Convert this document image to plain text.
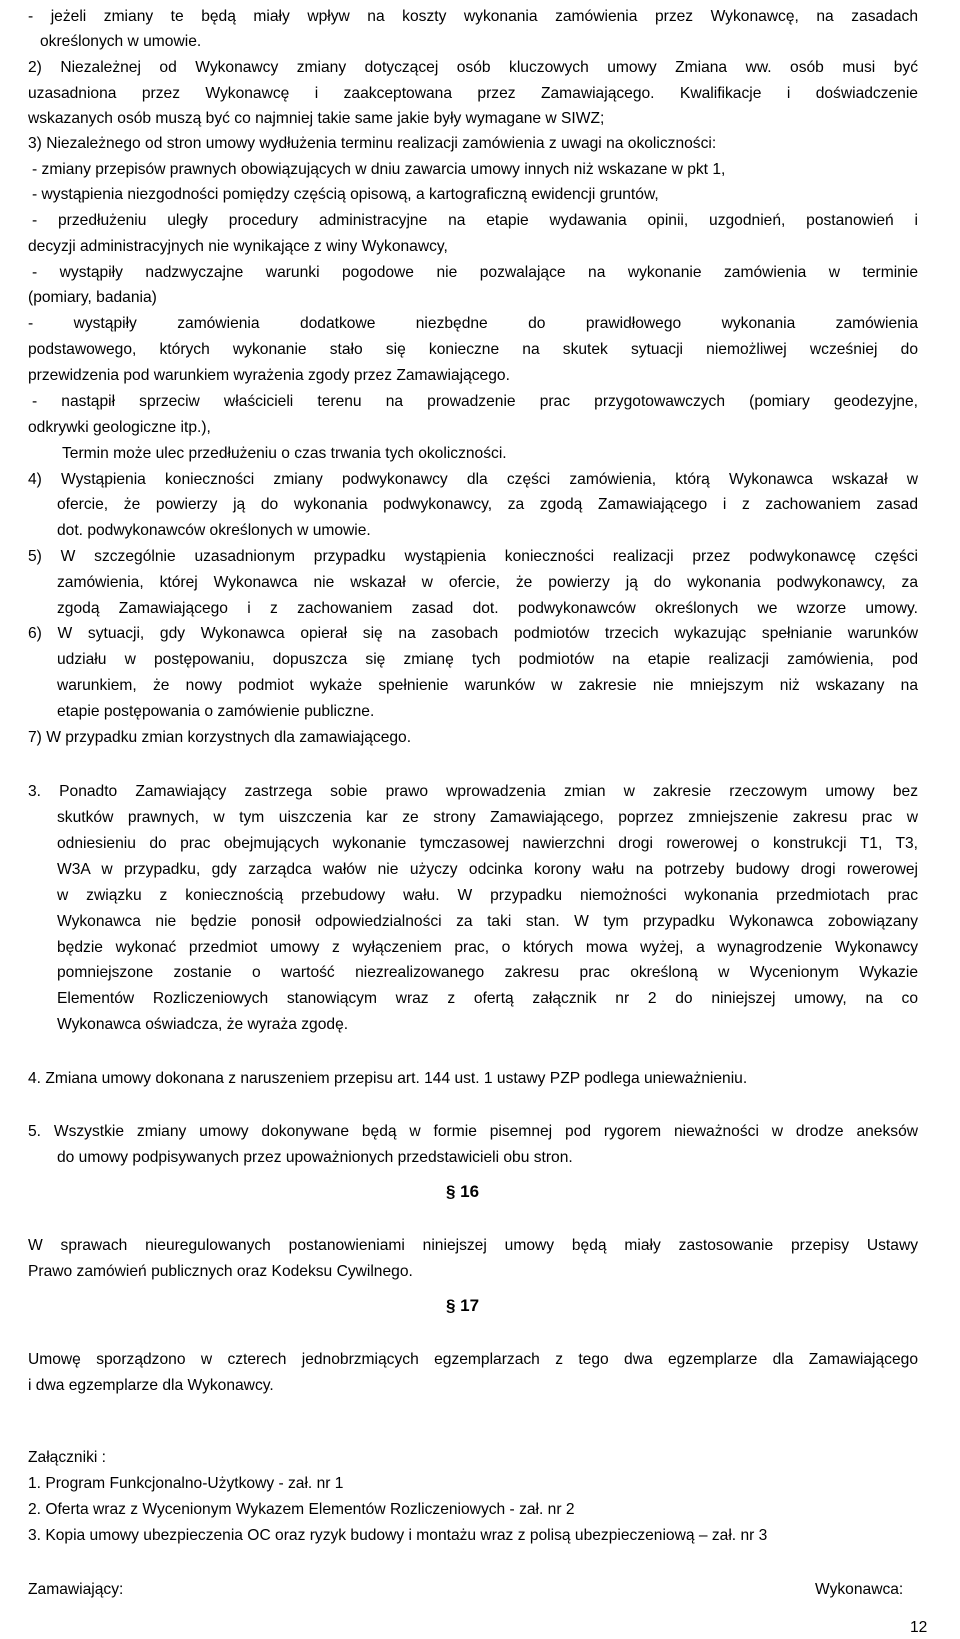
- jeżeli zmiany te będą miały wpływ na koszty wykonania zamówienia przez Wykonawcę, na zasadach
określonych w umowie.
2) Niezależnej od Wykonawcy zmiany dotyczącej osób kluczowych umowy Zmiana ww. osób musi być
uzasadniona przez Wykonawcę i zaakceptowana przez Zamawiającego. Kwalifikacje i doświadczenie
wskazanych osób muszą być co najmniej takie same jakie były wymagane w SIWZ;
3) Niezależnego od stron umowy wydłużenia terminu realizacji zamówienia z uwagi na okoliczności:
- zmiany przepisów prawnych obowiązujących w dniu zawarcia umowy innych niż wskazane w pkt 1,
- wystąpienia niezgodności pomiędzy częścią opisową, a kartograficzną ewidencji gruntów,
- przedłużeniu uległy procedury administracyjne na etapie wydawania opinii, uzgodnień, postanowień i
decyzji administracyjnych nie wynikające z winy Wykonawcy,
- wystąpiły nadzwyczajne warunki pogodowe nie pozwalające na wykonanie zamówienia w terminie
(pomiary, badania)
- wystąpiły zamówienia dodatkowe niezbędne do prawidłowego wykonania zamówienia
podstawowego, których wykonanie stało się konieczne na skutek sytuacji niemożliwej wcześniej do
przewidzenia pod warunkiem wyrażenia zgody przez Zamawiającego.
- nastąpił sprzeciw właścicieli terenu na prowadzenie prac przygotowawczych (pomiary geodezyjne,
odkrywki geologiczne itp.),
Termin może ulec przedłużeniu o czas trwania tych okoliczności.
4) Wystąpienia konieczności zmiany podwykonawcy dla części zamówienia, którą Wykonawca wskazał w
ofercie, że powierzy ją do wykonania podwykonawcy, za zgodą Zamawiającego i z zachowaniem zasad
dot. podwykonawców określonych w umowie.
5) W szczególnie uzasadnionym przypadku wystąpienia konieczności realizacji przez podwykonawcę części
zamówienia, której Wykonawca nie wskazał w ofercie, że powierzy ją do wykonania podwykonawcy, za
zgodą Zamawiającego i z zachowaniem zasad dot. podwykonawców określonych we wzorze umowy.
6) W sytuacji, gdy Wykonawca opierał się na zasobach podmiotów trzecich wykazując spełnianie warunków
udziału w postępowaniu, dopuszcza się zmianę tych podmiotów na etapie realizacji zamówienia, pod
warunkiem, że nowy podmiot wykaże spełnienie warunków w zakresie nie mniejszym niż wskazany na
etapie postępowania o zamówienie publiczne.
7) W przypadku zmian korzystnych dla zamawiającego.
3. Ponadto Zamawiający zastrzega sobie prawo wprowadzenia zmian w zakresie rzeczowym umowy bez
skutków prawnych, w tym uiszczenia kar ze strony Zamawiającego, poprzez zmniejszenie zakresu prac w
odniesieniu do prac obejmujących wykonanie tymczasowej nawierzchni drogi rowerowej o konstrukcji T1, T3,
W3A w przypadku, gdy zarządca wałów nie użyczy odcinka korony wału na potrzeby budowy drogi rowerowej
w związku z koniecznością przebudowy wału. W przypadku niemożności wykonania przedmiotach prac
Wykonawca nie będzie ponosił odpowiedzialności za taki stan. W tym przypadku Wykonawca zobowiązany
będzie wykonać przedmiot umowy z wyłączeniem prac, o których mowa wyżej, a wynagrodzenie Wykonawcy
pomniejszone zostanie o wartość niezrealizowanego zakresu prac określoną w Wycenionym Wykazie
Elementów Rozliczeniowych stanowiącym wraz z ofertą załącznik nr 2 do niniejszej umowy, na co
Wykonawca oświadcza, że wyraża zgodę.
4. Zmiana umowy dokonana z naruszeniem przepisu art. 144 ust. 1 ustawy PZP podlega unieważnieniu.
5. Wszystkie zmiany umowy dokonywane będą w formie pisemnej pod rygorem nieważności w drodze aneksów
do umowy podpisywanych przez upoważnionych przedstawicieli obu stron.
W sprawach nieuregulowanych postanowieniami niniejszej umowy będą miały zastosowanie przepisy Ustawy
Prawo zamówień publicznych oraz Kodeksu Cywilnego.
Umowę sporządzono w czterech jednobrzmiących egzemplarzach z tego dwa egzemplarze dla Zamawiającego
i dwa egzemplarze dla Wykonawcy.
Załączniki :
1. Program Funkcjonalno-Użytkowy - zał. nr 1
2. Oferta wraz z Wycenionym Wykazem Elementów Rozliczeniowych - zał. nr 2
3. Kopia umowy ubezpieczenia OC oraz ryzyk budowy i montażu wraz z polisą ubezpieczeniową – zał. nr 3
Zamawiający:	Wykonawca:
12
§ 16
§ 17
